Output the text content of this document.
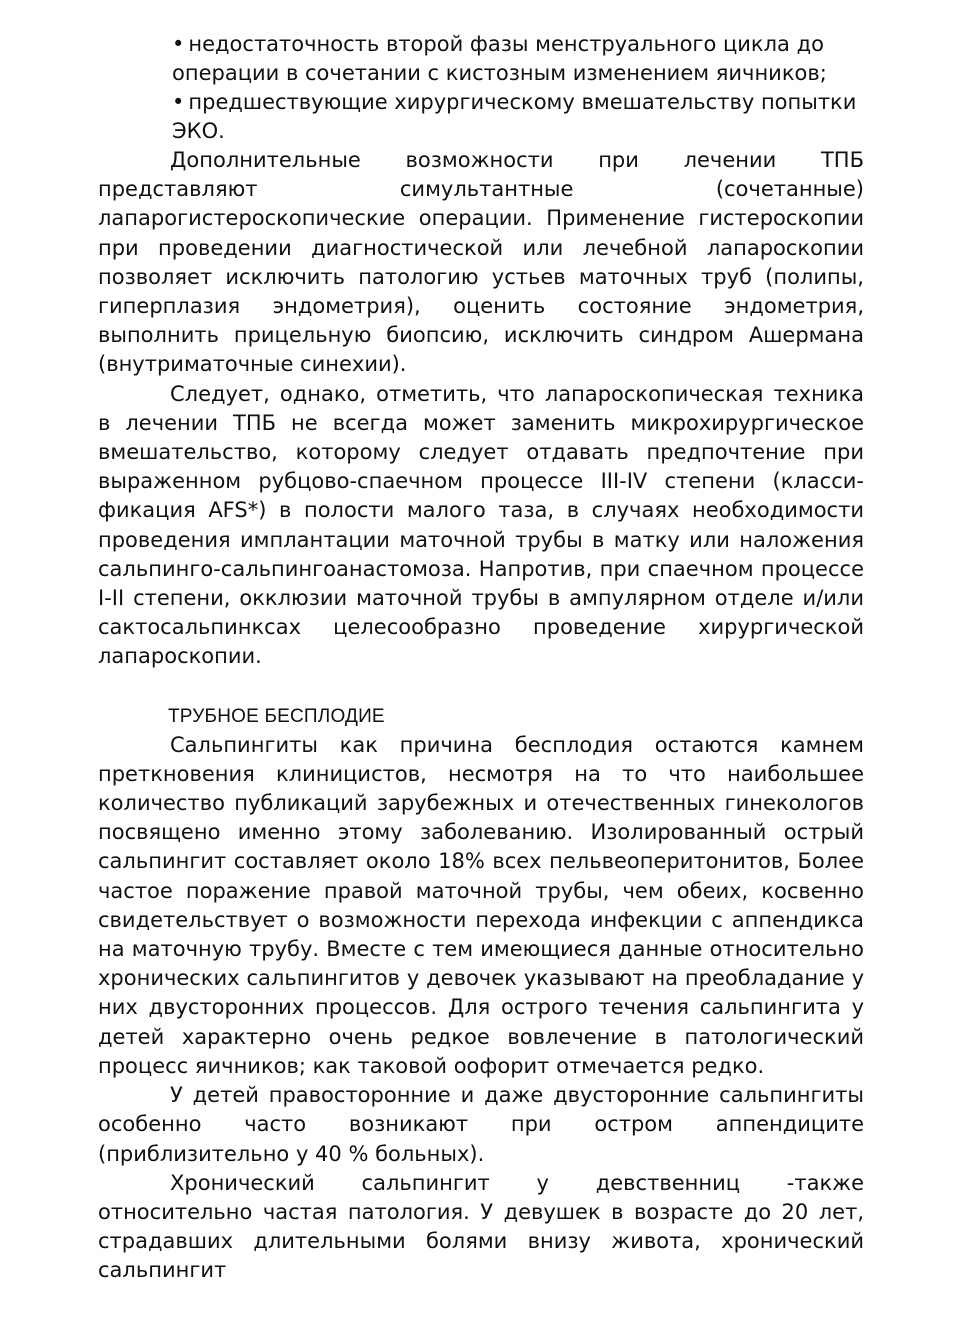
• недостаточность второй фазы менструального цикла до операции в сочетании с кистозным изменением яичников;

• предшествующие хирургическому вмешательству попытки ЭКО.

Дополнительные возможности при лечении ТПБ представляют симультантные (сочетанные) лапарогистероскопические операции. Применение гистероскопии при проведении диагностической или лечебной лапароскопии позволяет исключить патологию устьев маточных труб (полипы, гиперплазия эндометрия), оценить состояние эндометрия, выполнить прицельную биопсию, исключить синдром Ашермана (внутриматочные синехии).

Следует, однако, отметить, что лапароскопическая техника в лечении ТПБ не всегда может заменить микрохирургическое вмешательство, которому следует отдавать предпочтение при выраженном рубцово-спаечном процессе III-IV степени (классификация AFS*) в полости малого таза, в случаях необходимости проведения имплантации маточной трубы в матку или наложения сальпинго-сальпингоанастомоза. Напротив, при спаечном процессе Ι-ΙΙ степени, окклюзии маточной трубы в ампулярном отделе и/или сактосальпинксах целесообразно проведение хирургической лапароскопии.

ТРУБНОЕ БЕСПЛОДИЕ

Сальпингиты как причина бесплодия остаются камнем преткновения клиницистов, несмотря на то что наибольшее количество публикаций зарубежных и отечественных гинекологов посвящено именно этому заболеванию. Изолированный острый сальпингит составляет около 18% всех пельвеоперитонитов, Более частое поражение правой маточной трубы, чем обеих, косвенно свидетельствует о возможности перехода инфекции с аппендикса на маточную трубу. Вместе с тем имеющиеся данные относительно хронических сальпингитов у девочек указывают на преобладание у них двусторонних процессов. Для острого течения сальпингита у детей характерно очень редкое вовлечение в патологический процесс яичников; как таковой оофорит отмечается редко.

У детей правосторонние и даже двусторонние сальпингиты особенно часто возникают при остром аппендиците (приблизительно у 40 % больных).

Хронический сальпингит у девственниц -также относительно частая патология. У девушек в возрасте до 20 лет, страдавших длительными болями внизу живота, хронический сальпингит
